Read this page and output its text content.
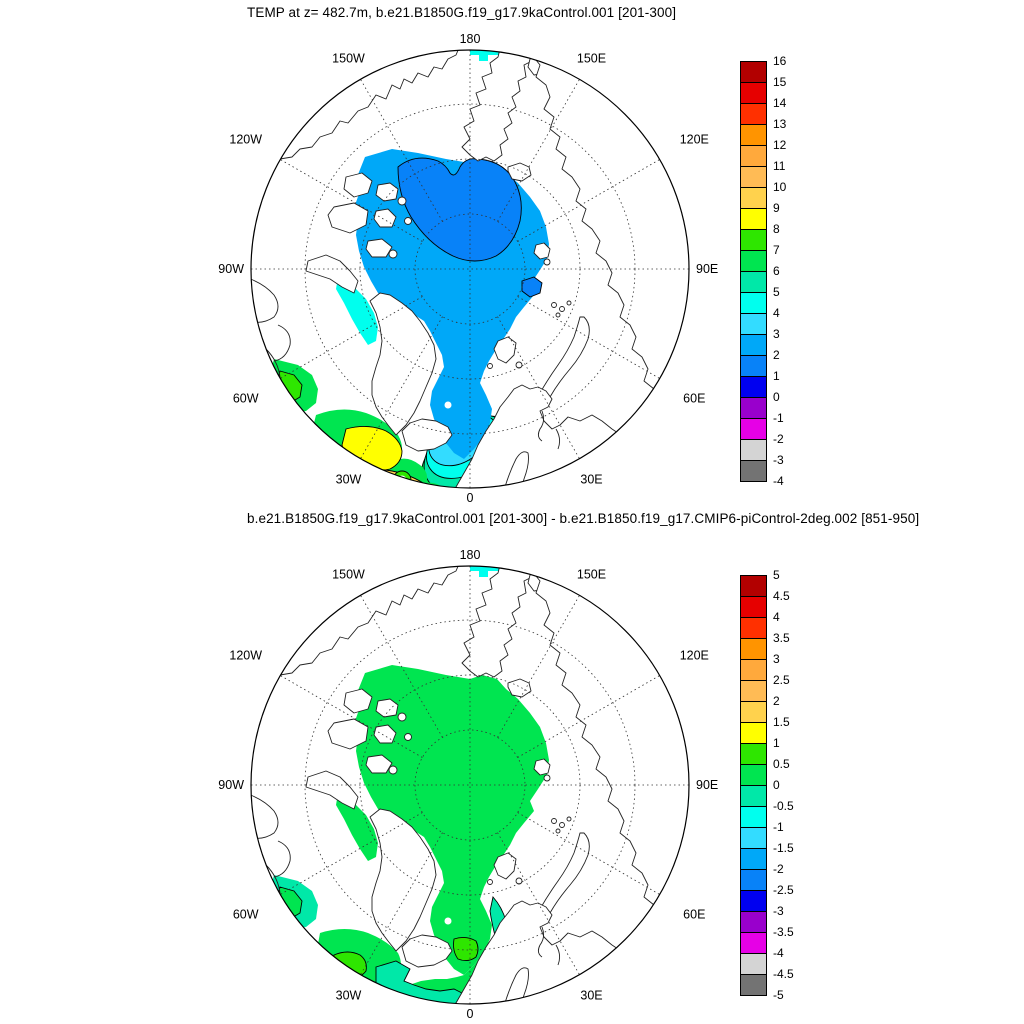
TEMP at z= 482.7m, b.e21.B1850G.f19_g17.9kaControl.001 [201-300]
180
150W	150E
120W	120E
90W	90E
60W	60E
30W	30E
0
b.e21.B1850G.f19_g17.9kaControl.001 [201-300] - b.e21.B1850.f19_g17.CMIP6-piControl-2deg.002 [851-950]
180
150W	150E
120W	120E
90W	90E
60W	60E
30W	30E
0
16
15
14
13
12
11
10
9
8
7
6
5
4
3
2
1
0
-1
-2
-3
-4
5
4.5
4
3.5
3
2.5
2
1.5
1
0.5
0
-0.5
-1
-1.5
-2
-2.5
-3
-3.5
-4
-4.5
-5
